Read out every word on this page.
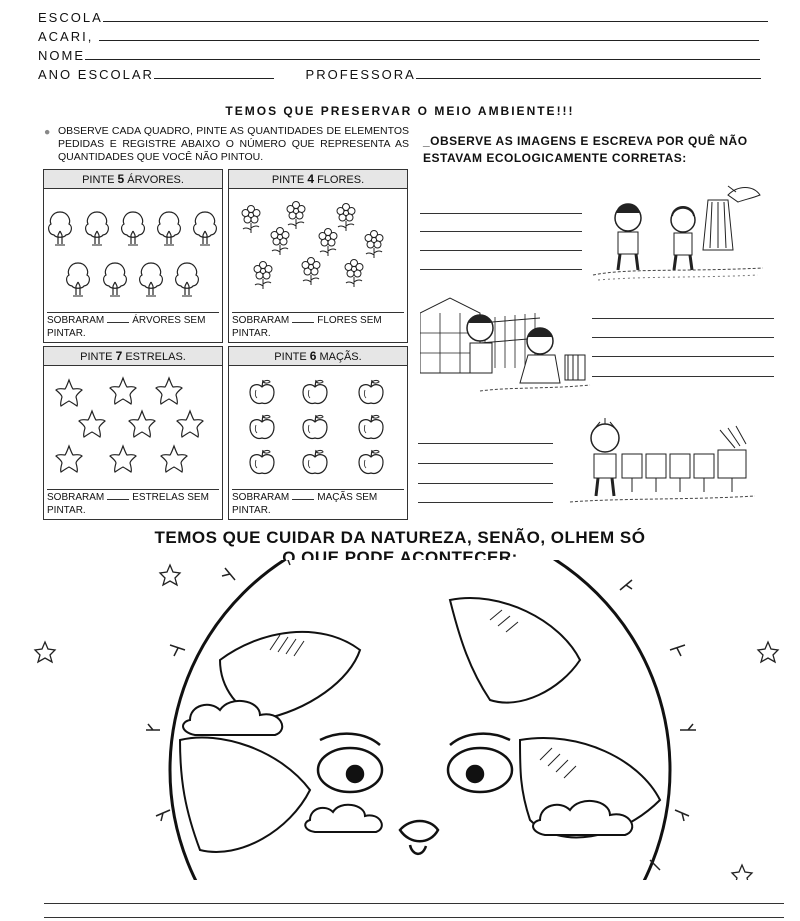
ESCOLA
ACARI,
NOME
ANO ESCOLAR	PROFESSORA
TEMOS QUE PRESERVAR O MEIO AMBIENTE!!!
● OBSERVE CADA QUADRO, PINTE AS QUANTIDADES DE ELEMENTOS PEDIDAS E REGISTRE ABAIXO O NÚMERO QUE REPRESENTA AS QUANTIDADES QUE VOCÊ NÃO PINTOU.
PINTE 5 ÁRVORES.
SOBRARAM	ÁRVORES SEM PINTAR.
PINTE 4 FLORES.
SOBRARAM	FLORES SEM PINTAR.
PINTE 7 ESTRELAS.
SOBRARAM	ESTRELAS SEM PINTAR.
PINTE 6 MAÇÃS.
SOBRARAM	MAÇÃS SEM PINTAR.
_OBSERVE AS IMAGENS E ESCREVA POR QUÊ NÃO ESTAVAM ECOLOGICAMENTE CORRETAS:
TEMOS QUE CUIDAR DA NATUREZA, SENÃO, OLHEM SÓ
O QUE PODE ACONTECER:
